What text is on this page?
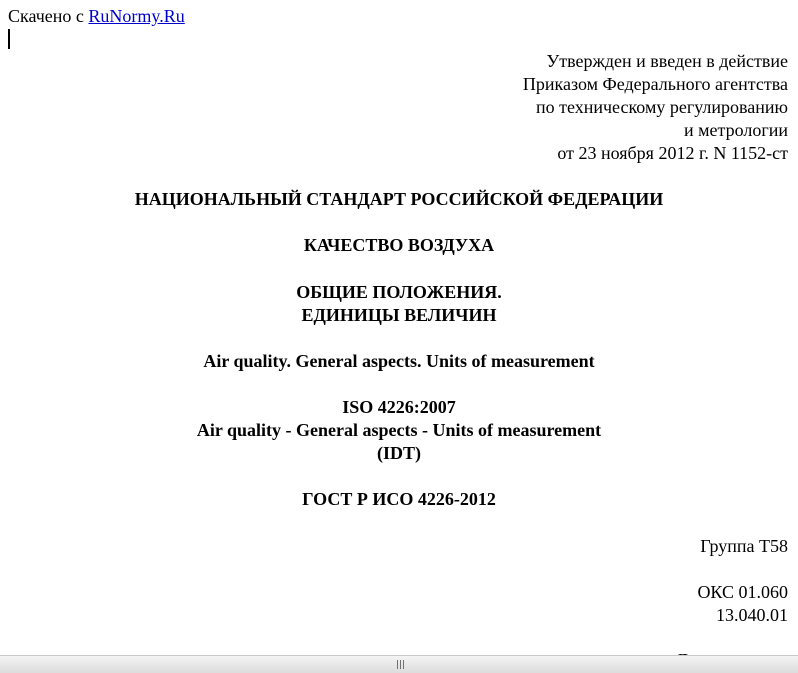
Скачено с RuNormy.Ru
Утвержден и введен в действие
Приказом Федерального агентства
по техническому регулированию
и метрологии
от 23 ноября 2012 г. N 1152-ст
НАЦИОНАЛЬНЫЙ СТАНДАРТ РОССИЙСКОЙ ФЕДЕРАЦИИ
КАЧЕСТВО ВОЗДУХА
ОБЩИЕ ПОЛОЖЕНИЯ.
ЕДИНИЦЫ ВЕЛИЧИН
Air quality. General aspects. Units of measurement
ISO 4226:2007
Air quality - General aspects - Units of measurement
(IDT)
ГОСТ Р ИСО 4226-2012
Группа Т58
ОКС 01.060
13.040.01
